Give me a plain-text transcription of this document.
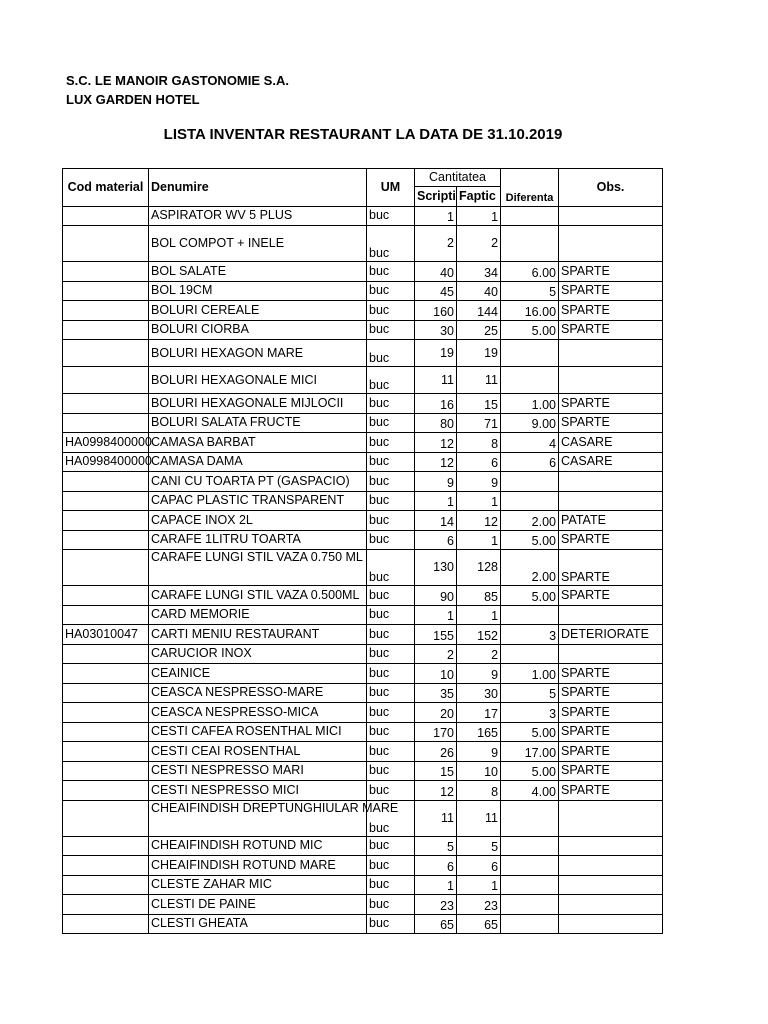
S.C. LE MANOIR GASTONOMIE S.A.
LUX GARDEN HOTEL
LISTA INVENTAR RESTAURANT LA DATA DE 31.10.2019
Cod material	Denumire	UM	Cantitatea		Diferenta	Obs.
			Scripti	Faptic		
	ASPIRATOR WV 5 PLUS	buc	1	1		
	BOL COMPOT + INELE	buc	2	2		
	BOL SALATE	buc	40	34	6.00	SPARTE
	BOL 19CM	buc	45	40	5	SPARTE
	BOLURI CEREALE	buc	160	144	16.00	SPARTE
	BOLURI CIORBA	buc	30	25	5.00	SPARTE
	BOLURI HEXAGON MARE	buc	19	19		
	BOLURI HEXAGONALE MICI	buc	11	11		
	BOLURI HEXAGONALE MIJLOCII	buc	16	15	1.00	SPARTE
	BOLURI SALATA FRUCTE	buc	80	71	9.00	SPARTE
HA0998400000	CAMASA BARBAT	buc	12	8	4	CASARE
HA0998400000	CAMASA DAMA	buc	12	6	6	CASARE
	CANI CU TOARTA PT (GASPACIO)	buc	9	9		
	CAPAC PLASTIC TRANSPARENT	buc	1	1		
	CAPACE INOX 2L	buc	14	12	2.00	PATATE
	CARAFE 1LITRU TOARTA	buc	6	1	5.00	SPARTE
	CARAFE LUNGI STIL VAZA 0.750 ML	buc	130	128	2.00	SPARTE
	CARAFE LUNGI STIL VAZA 0.500ML	buc	90	85	5.00	SPARTE
	CARD MEMORIE	buc	1	1		
HA03010047	CARTI MENIU RESTAURANT	buc	155	152	3	DETERIORATE
	CARUCIOR INOX	buc	2	2		
	CEAINICE	buc	10	9	1.00	SPARTE
	CEASCA NESPRESSO-MARE	buc	35	30	5	SPARTE
	CEASCA NESPRESSO-MICA	buc	20	17	3	SPARTE
	CESTI CAFEA ROSENTHAL MICI	buc	170	165	5.00	SPARTE
	CESTI CEAI ROSENTHAL	buc	26	9	17.00	SPARTE
	CESTI NESPRESSO MARI	buc	15	10	5.00	SPARTE
	CESTI NESPRESSO MICI	buc	12	8	4.00	SPARTE
	CHEAIFINDISH DREPTUNGHIULAR MARE	buc	11	11		
	CHEAIFINDISH ROTUND MIC	buc	5	5		
	CHEAIFINDISH ROTUND MARE	buc	6	6		
	CLESTE ZAHAR MIC	buc	1	1		
	CLESTI DE PAINE	buc	23	23		
	CLESTI GHEATA	buc	65	65		
